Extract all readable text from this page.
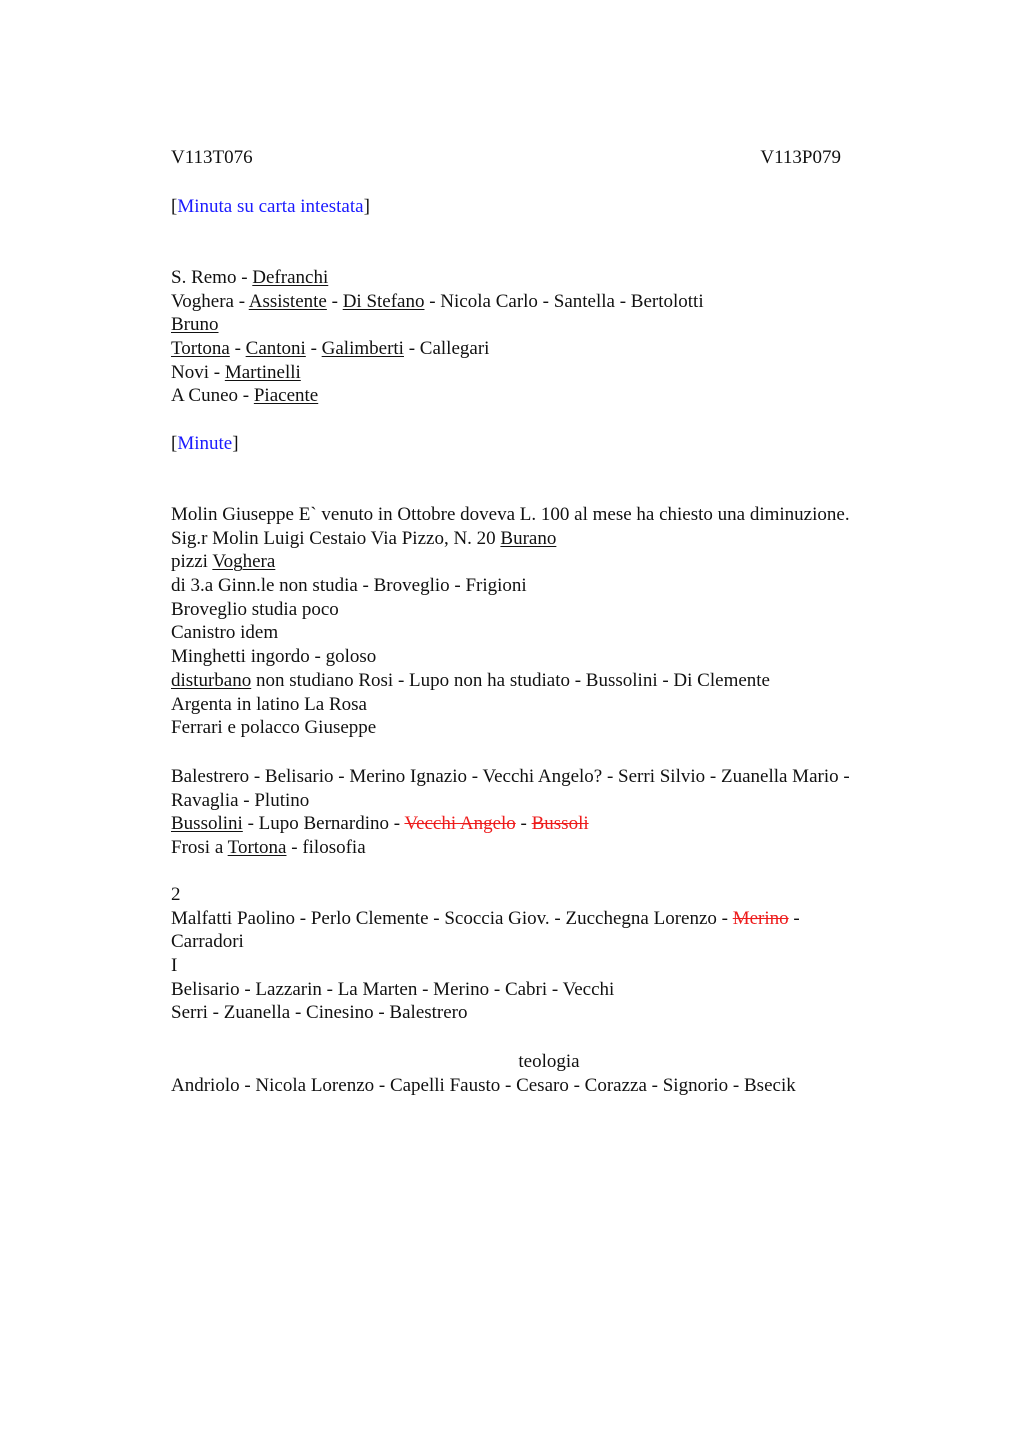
V113T076	V113P079
[Minuta su carta intestata]
S. Remo - Defranchi
Voghera - Assistente - Di Stefano - Nicola Carlo - Santella - Bertolotti
Bruno
Tortona - Cantoni - Galimberti - Callegari
Novi - Martinelli
A Cuneo - Piacente
[Minute]
Molin Giuseppe E` venuto in Ottobre doveva L. 100 al mese ha chiesto una diminuzione.
Sig.r Molin Luigi Cestaio Via Pizzo, N. 20 Burano
pizzi Voghera
di 3.a Ginn.le non studia - Broveglio - Frigioni
Broveglio studia poco
Canistro idem
Minghetti ingordo - goloso
disturbano non studiano Rosi - Lupo non ha studiato - Bussolini - Di Clemente
Argenta in latino La Rosa
Ferrari e polacco Giuseppe
Balestrero - Belisario - Merino Ignazio - Vecchi Angelo? - Serri Silvio - Zuanella Mario -
Ravaglia - Plutino
Bussolini - Lupo Bernardino - Vecchi Angelo - Bussoli
Frosi a Tortona - filosofia
2
Malfatti Paolino - Perlo Clemente - Scoccia Giov. - Zucchegna Lorenzo - Merino -
Carradori
I
Belisario - Lazzarin - La Marten - Merino - Cabri - Vecchi
Serri - Zuanella - Cinesino - Balestrero
teologia
Andriolo - Nicola Lorenzo - Capelli Fausto - Cesaro - Corazza - Signorio - Bsecik
